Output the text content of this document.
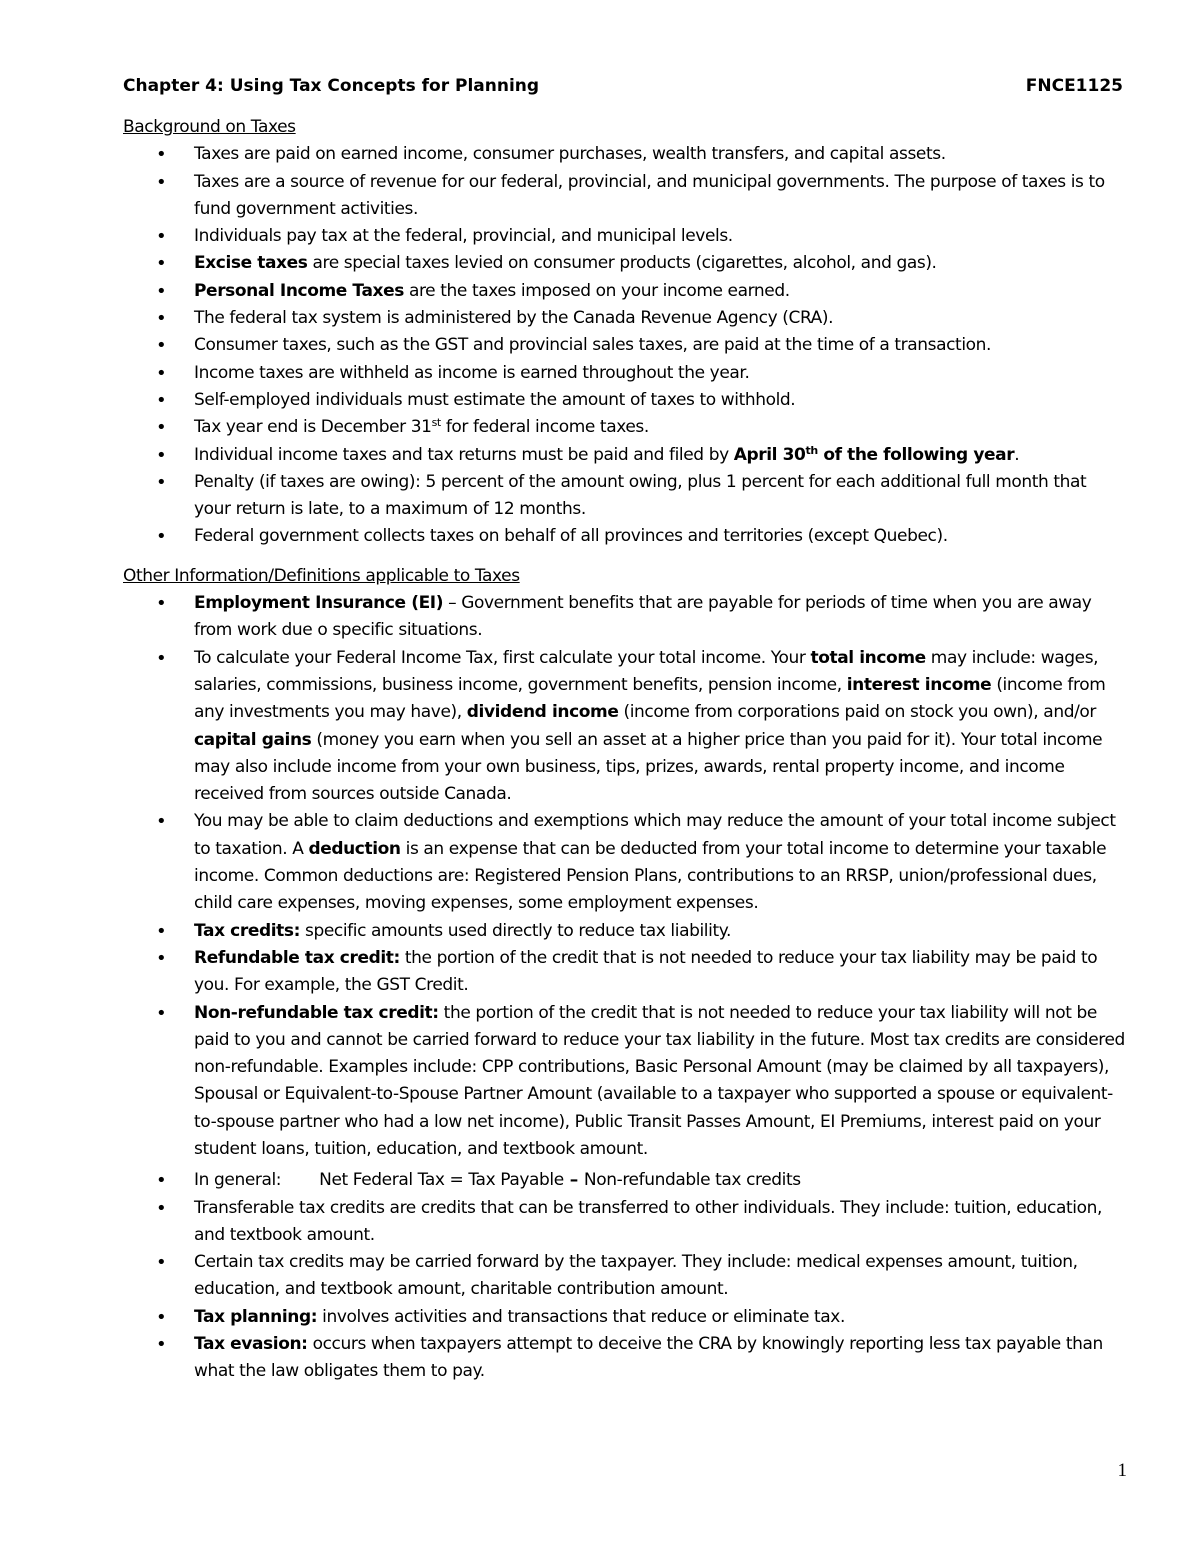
Chapter 4: Using Tax Concepts for Planning	FNCE1125

Background on Taxes

• Taxes are paid on earned income, consumer purchases, wealth transfers, and capital assets.
• Taxes are a source of revenue for our federal, provincial, and municipal governments. The purpose of taxes is to fund government activities.
• Individuals pay tax at the federal, provincial, and municipal levels.
• Excise taxes are special taxes levied on consumer products (cigarettes, alcohol, and gas).
• Personal Income Taxes are the taxes imposed on your income earned.
• The federal tax system is administered by the Canada Revenue Agency (CRA).
• Consumer taxes, such as the GST and provincial sales taxes, are paid at the time of a transaction.
• Income taxes are withheld as income is earned throughout the year.
• Self-employed individuals must estimate the amount of taxes to withhold.
• Tax year end is December 31st for federal income taxes.
• Individual income taxes and tax returns must be paid and filed by April 30th of the following year.
• Penalty (if taxes are owing): 5 percent of the amount owing, plus 1 percent for each additional full month that your return is late, to a maximum of 12 months.
• Federal government collects taxes on behalf of all provinces and territories (except Quebec).

Other Information/Definitions applicable to Taxes

• Employment Insurance (EI) – Government benefits that are payable for periods of time when you are away from work due o specific situations.
• To calculate your Federal Income Tax, first calculate your total income. Your total income may include: wages, salaries, commissions, business income, government benefits, pension income, interest income (income from any investments you may have), dividend income (income from corporations paid on stock you own), and/or capital gains (money you earn when you sell an asset at a higher price than you paid for it). Your total income may also include income from your own business, tips, prizes, awards, rental property income, and income received from sources outside Canada.
• You may be able to claim deductions and exemptions which may reduce the amount of your total income subject to taxation. A deduction is an expense that can be deducted from your total income to determine your taxable income. Common deductions are: Registered Pension Plans, contributions to an RRSP, union/professional dues, child care expenses, moving expenses, some employment expenses.
• Tax credits: specific amounts used directly to reduce tax liability.
• Refundable tax credit: the portion of the credit that is not needed to reduce your tax liability may be paid to you. For example, the GST Credit.
• Non-refundable tax credit: the portion of the credit that is not needed to reduce your tax liability will not be paid to you and cannot be carried forward to reduce your tax liability in the future. Most tax credits are considered non-refundable. Examples include: CPP contributions, Basic Personal Amount (may be claimed by all taxpayers), Spousal or Equivalent-to-Spouse Partner Amount (available to a taxpayer who supported a spouse or equivalent-to-spouse partner who had a low net income), Public Transit Passes Amount, EI Premiums, interest paid on your student loans, tuition, education, and textbook amount.
• In general: Net Federal Tax = Tax Payable – Non-refundable tax credits
• Transferable tax credits are credits that can be transferred to other individuals. They include: tuition, education, and textbook amount.
• Certain tax credits may be carried forward by the taxpayer. They include: medical expenses amount, tuition, education, and textbook amount, charitable contribution amount.
• Tax planning: involves activities and transactions that reduce or eliminate tax.
• Tax evasion: occurs when taxpayers attempt to deceive the CRA by knowingly reporting less tax payable than what the law obligates them to pay.
1
